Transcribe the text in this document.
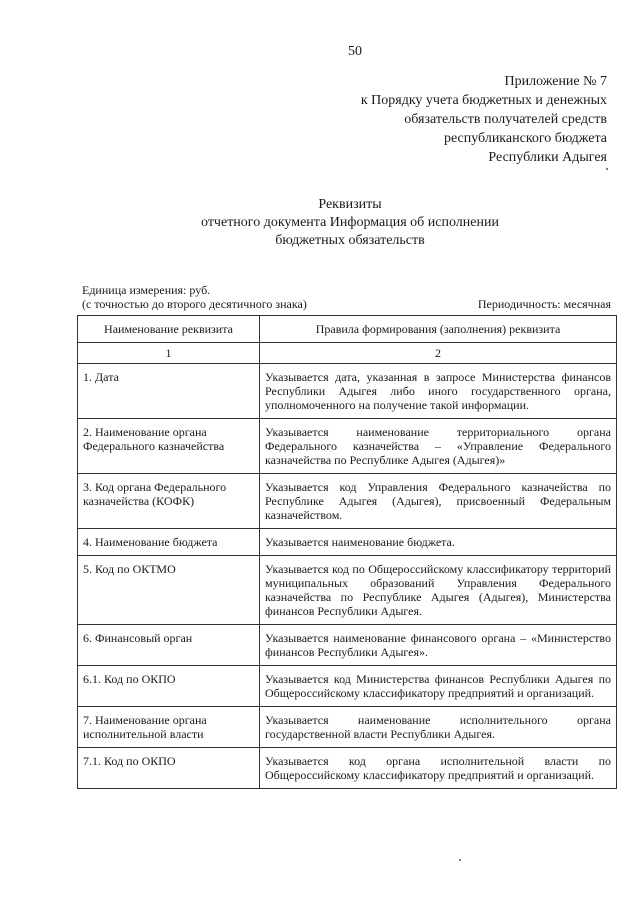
50
Приложение № 7
к Порядку учета бюджетных и денежных
обязательств получателей средств
республиканского бюджета
Республики Адыгея
Реквизиты
отчетного документа Информация об исполнении
бюджетных обязательств
Единица измерения: руб.
(с точностью до второго десятичного знака)	Периодичность: месячная
Наименование реквизита	Правила формирования (заполнения) реквизита
1	2
1. Дата	Указывается дата, указанная в запросе Министерства финансов Республики Адыгея либо иного государственного органа, уполномоченного на получение такой информации.
2. Наименование органа Федерального казначейства	Указывается наименование территориального органа Федерального казначейства – «Управление Федерального казначейства по Республике Адыгея (Адыгея)»
3. Код органа Федерального казначейства (КОФК)	Указывается код Управления Федерального казначейства по Республике Адыгея (Адыгея), присвоенный Федеральным казначейством.
4. Наименование бюджета	Указывается наименование бюджета.
5. Код по ОКТМО	Указывается код по Общероссийскому классификатору территорий муниципальных образований Управления Федерального казначейства по Республике Адыгея (Адыгея), Министерства финансов Республики Адыгея.
6. Финансовый орган	Указывается наименование финансового органа – «Министерство финансов Республики Адыгея».
6.1. Код по ОКПО	Указывается код Министерства финансов Республики Адыгея по Общероссийскому классификатору предприятий и организаций.
7. Наименование органа исполнительной власти	Указывается наименование исполнительного органа государственной власти Республики Адыгея.
7.1. Код по ОКПО	Указывается код органа исполнительной власти по Общероссийскому классификатору предприятий и организаций.
